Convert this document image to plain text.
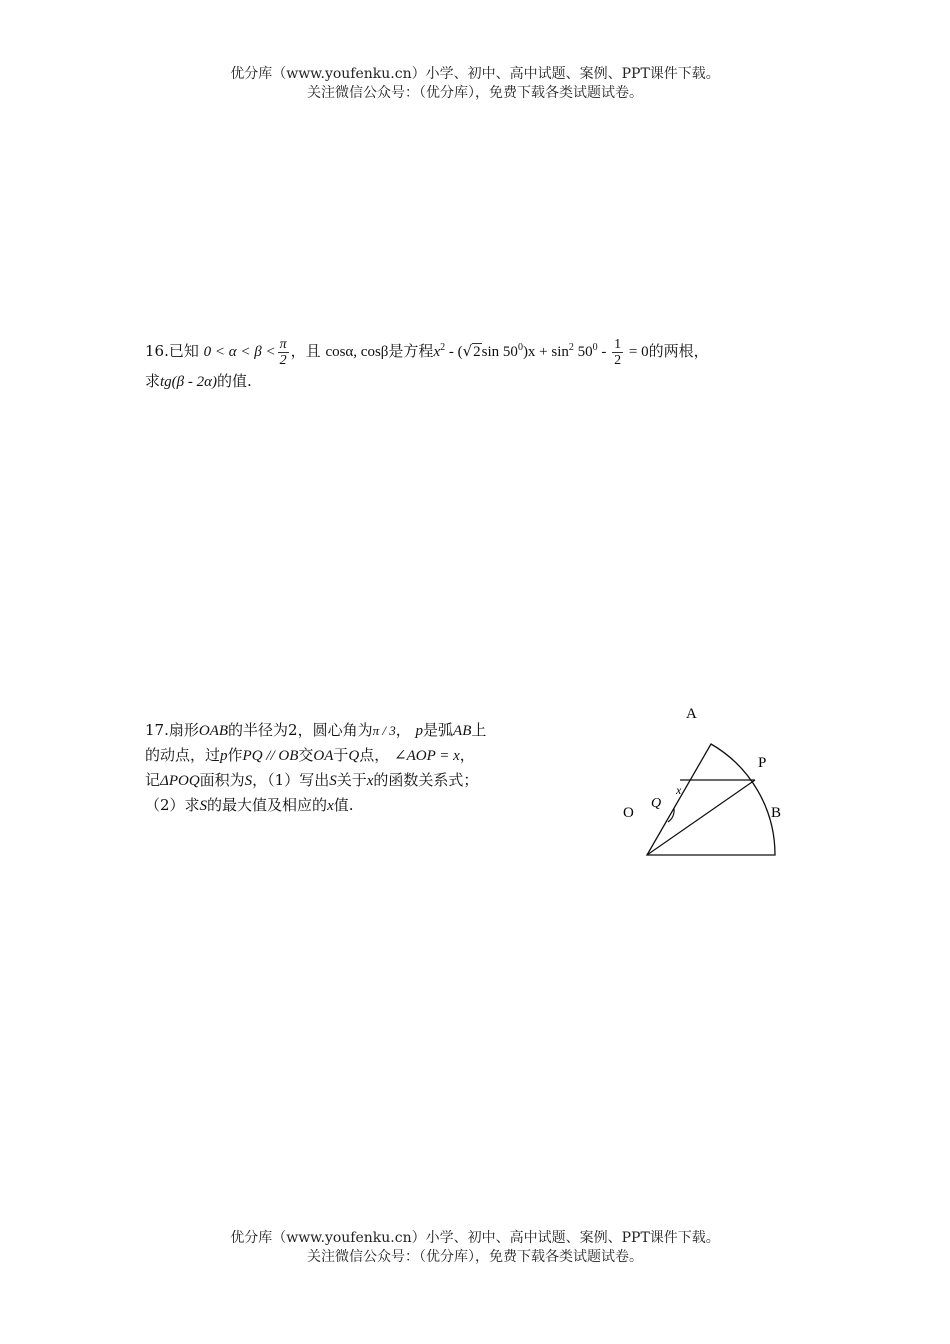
优分库（www.youfenku.cn）小学、初中、高中试题、案例、PPT课件下载。
关注微信公众号：（优分库），免费下载各类试题试卷。
16.已知 $0 < \alpha < \beta < \frac{\pi}{2}$ ，且 cosα, cosβ是方程$x^2 - (√2\sin$ $50^0)x + \sin^2 50^0 - \frac{1}{2} = 0$的两根，
求tg(β - 2α)的值.
17.扇形OAB的半径为2，圆心角为π / 3， p是弧AB上
的动点，过p作PQ // OB交OA于Q点， ∠AOP = x，
记ΔPOQ面积为S，（1）写出S关于x的函数关系式；
（2）求S的最大值及相应的x值.
A
P
Q
O	B
x
优分库（www.youfenku.cn）小学、初中、高中试题、案例、PPT课件下载。
关注微信公众号：（优分库），免费下载各类试题试卷。
